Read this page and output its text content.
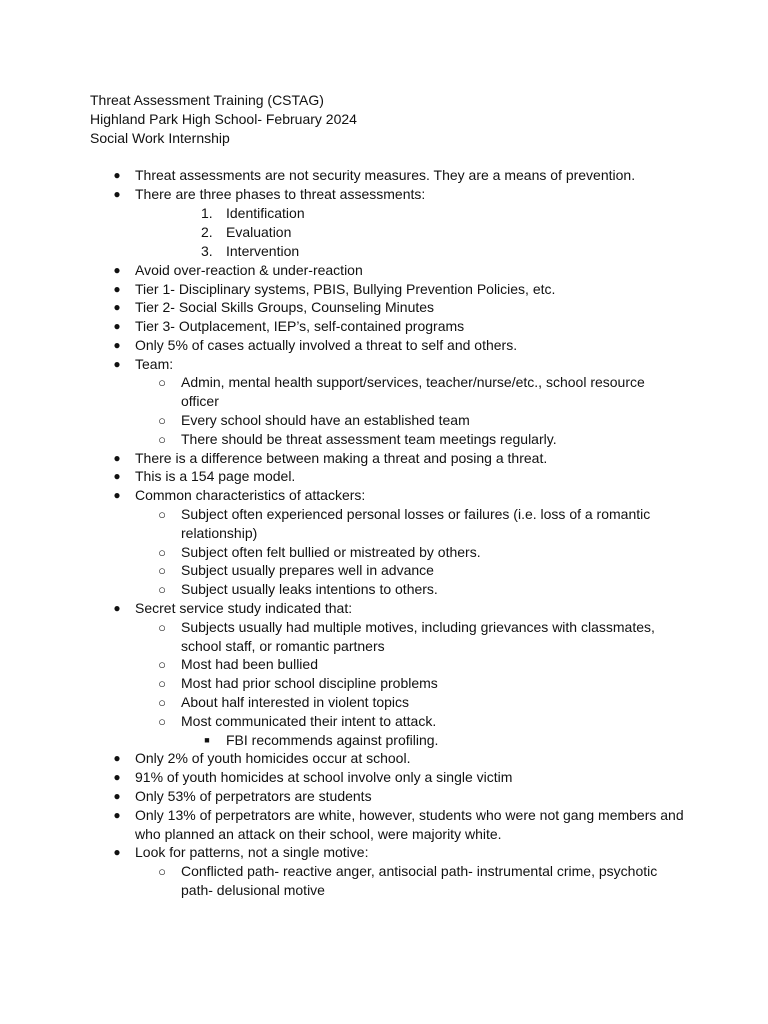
Threat Assessment Training (CSTAG)
Highland Park High School- February 2024
Social Work Internship
● Threat assessments are not security measures. They are a means of prevention.
● There are three phases to threat assessments:
1. Identification
2. Evaluation
3. Intervention
● Avoid over-reaction & under-reaction
● Tier 1- Disciplinary systems, PBIS, Bullying Prevention Policies, etc.
● Tier 2- Social Skills Groups, Counseling Minutes
● Tier 3- Outplacement, IEP’s, self-contained programs
● Only 5% of cases actually involved a threat to self and others.
● Team:
○ Admin, mental health support/services, teacher/nurse/etc., school resource
officer
○ Every school should have an established team
○ There should be threat assessment team meetings regularly.
● There is a difference between making a threat and posing a threat.
● This is a 154 page model.
● Common characteristics of attackers:
○ Subject often experienced personal losses or failures (i.e. loss of a romantic
relationship)
○ Subject often felt bullied or mistreated by others.
○ Subject usually prepares well in advance
○ Subject usually leaks intentions to others.
● Secret service study indicated that:
○ Subjects usually had multiple motives, including grievances with classmates,
school staff, or romantic partners
○ Most had been bullied
○ Most had prior school discipline problems
○ About half interested in violent topics
○ Most communicated their intent to attack.
■	FBI recommends against profiling.
● Only 2% of youth homicides occur at school.
● 91% of youth homicides at school involve only a single victim
● Only 53% of perpetrators are students
● Only 13% of perpetrators are white, however, students who were not gang members and
who planned an attack on their school, were majority white.
● Look for patterns, not a single motive:
○ Conflicted path- reactive anger, antisocial path- instrumental crime, psychotic
path- delusional motive
